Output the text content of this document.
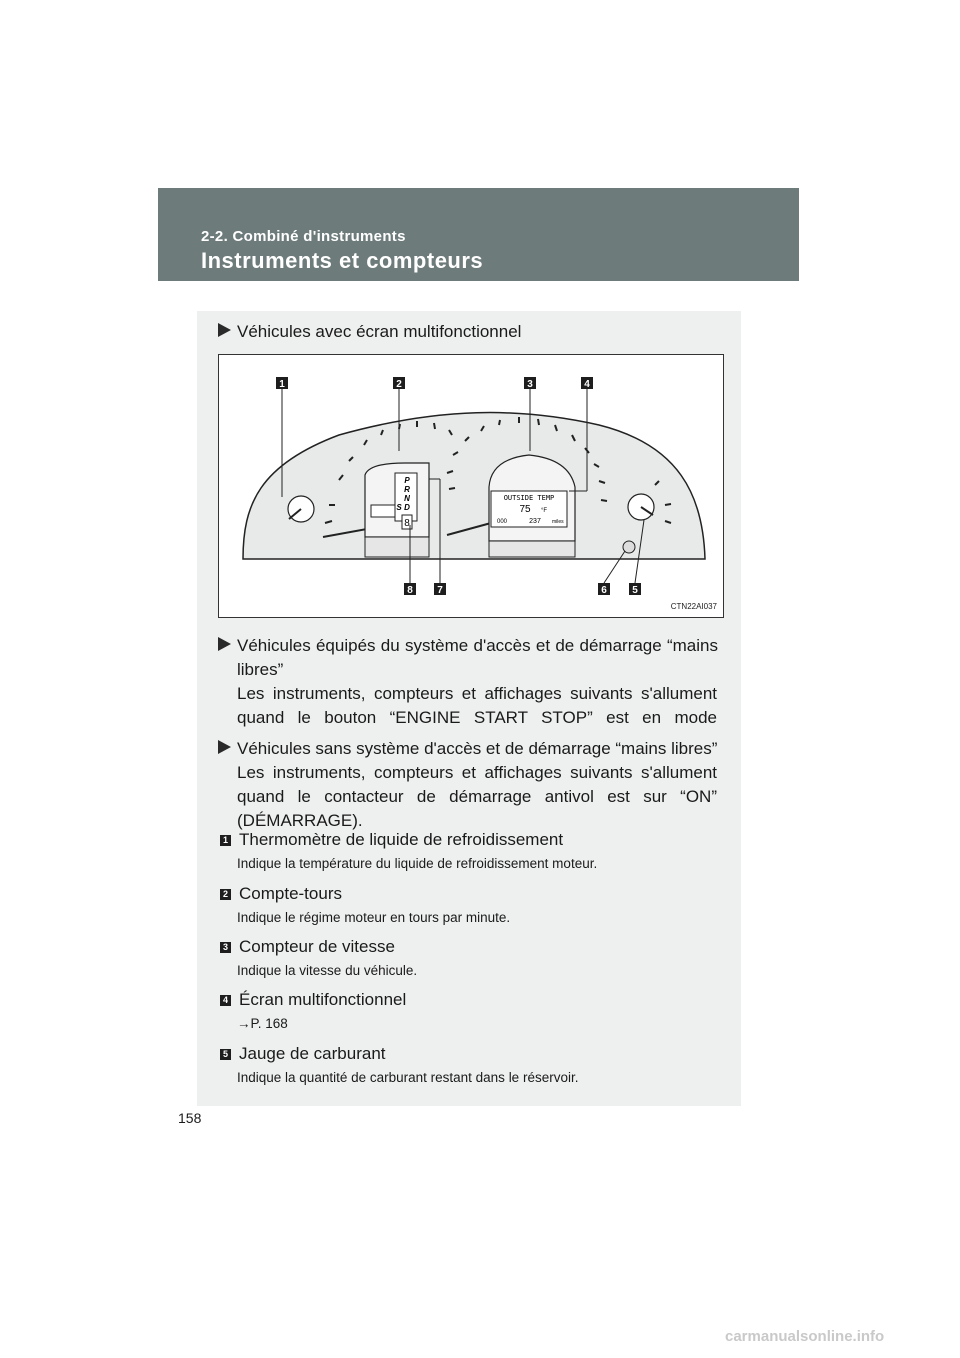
2-2. Combiné d'instruments
Instruments et compteurs
Véhicules avec écran multifonctionnel
P
R
N
D
S
8
OUTSIDE TEMP
75 °F
000	237 miles
1	2	3	4
5
6
7
8
CTN22AI037
Véhicules équipés du système d'accès et de démarrage “mains libres”
Les instruments, compteurs et affichages suivants s'allument quand le bouton “ENGINE START STOP” est en mode
Véhicules sans système d'accès et de démarrage “mains libres”
Les instruments, compteurs et affichages suivants s'allument quand le contacteur de démarrage antivol est sur “ON” (DÉMARRAGE).
1 Thermomètre de liquide de refroidissement
Indique la température du liquide de refroidissement moteur.
2 Compte-tours
Indique le régime moteur en tours par minute.
3 Compteur de vitesse
Indique la vitesse du véhicule.
4 Écran multifonctionnel
→P. 168
5 Jauge de carburant
Indique la quantité de carburant restant dans le réservoir.
158
carmanualsonline.info
